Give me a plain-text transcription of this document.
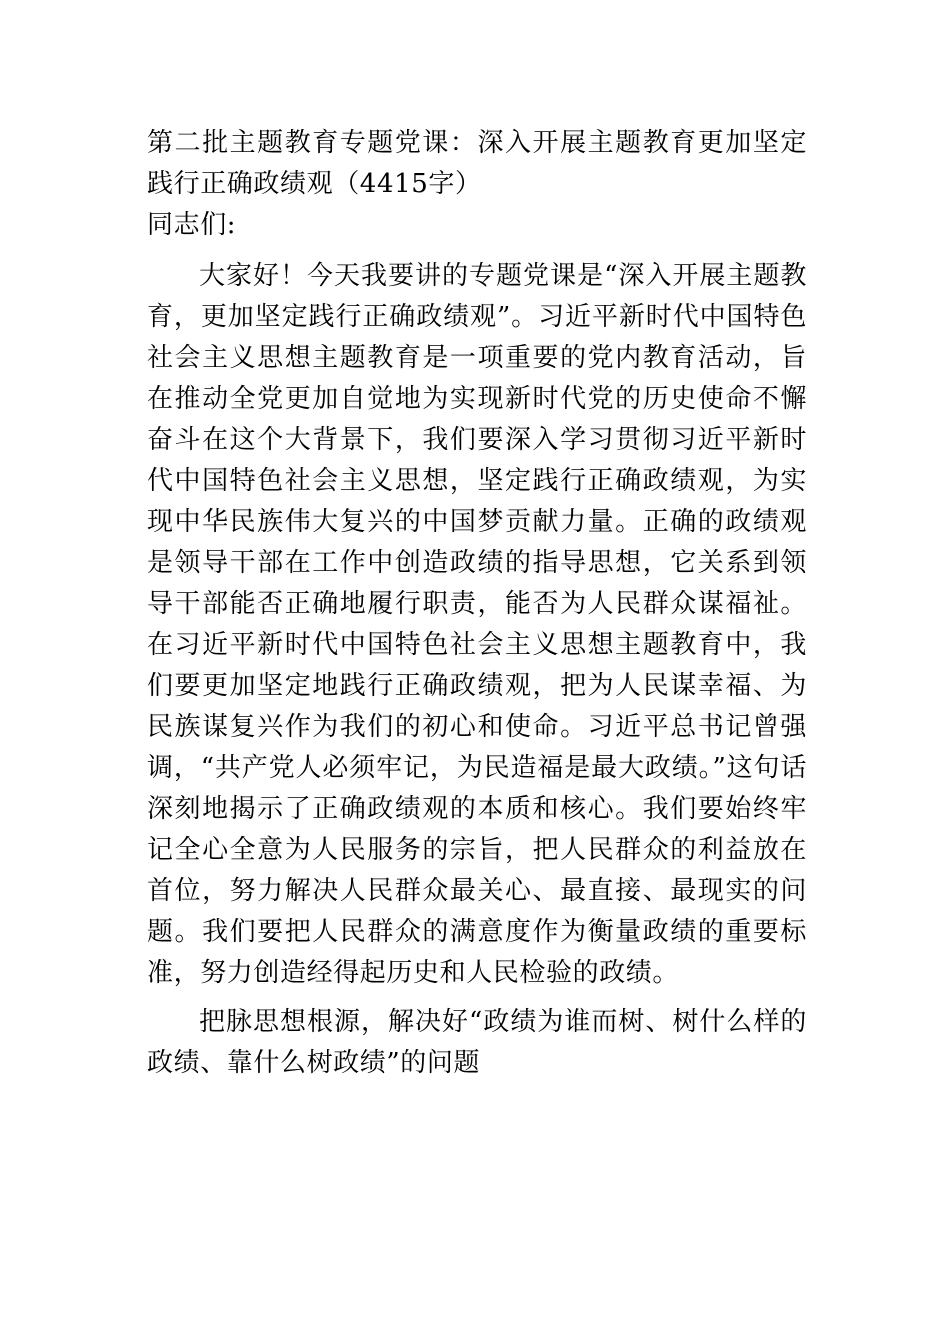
第二批主题教育专题党课：深入开展主题教育更加坚定践行正确政绩观（4415字）

同志们:

大家好！今天我要讲的专题党课是“深入开展主题教育，更加坚定践行正确政绩观”。习近平新时代中国特色社会主义思想主题教育是一项重要的党内教育活动，旨在推动全党更加自觉地为实现新时代党的历史使命不懈奋斗在这个大背景下，我们要深入学习贯彻习近平新时代中国特色社会主义思想，坚定践行正确政绩观，为实现中华民族伟大复兴的中国梦贡献力量。正确的政绩观是领导干部在工作中创造政绩的指导思想，它关系到领导干部能否正确地履行职责，能否为人民群众谋福祉。在习近平新时代中国特色社会主义思想主题教育中，我们要更加坚定地践行正确政绩观，把为人民谋幸福、为民族谋复兴作为我们的初心和使命。习近平总书记曾强调，“共产党人必须牢记，为民造福是最大政绩。”这句话深刻地揭示了正确政绩观的本质和核心。我们要始终牢记全心全意为人民服务的宗旨，把人民群众的利益放在首位，努力解决人民群众最关心、最直接、最现实的问题。我们要把人民群众的满意度作为衡量政绩的重要标准，努力创造经得起历史和人民检验的政绩。

把脉思想根源，解决好“政绩为谁而树、树什么样的政绩、靠什么树政绩”的问题
